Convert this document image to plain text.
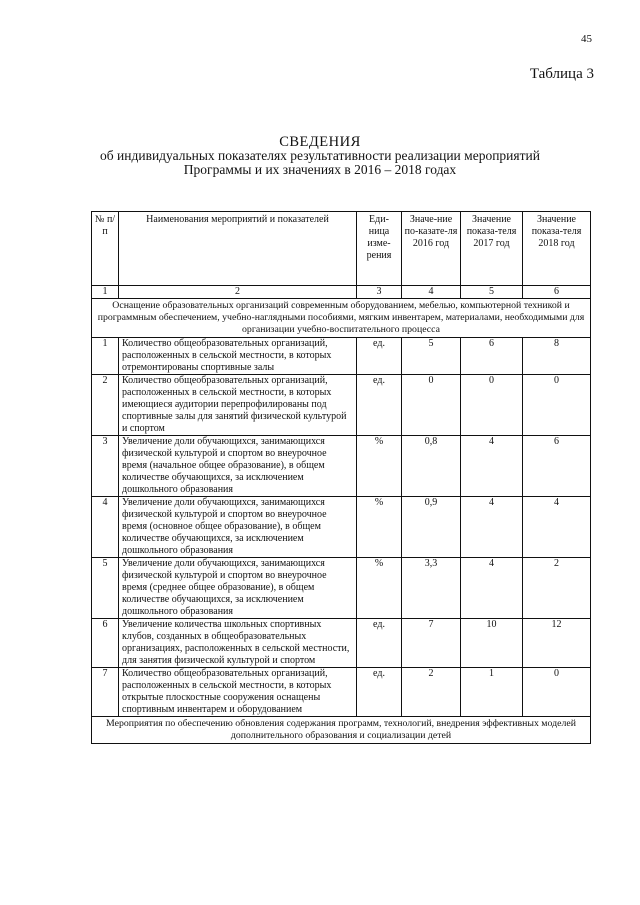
45
Таблица 3
СВЕДЕНИЯ
об индивидуальных показателях результативности реализации мероприятий
Программы и их значениях в 2016 – 2018 годах
№ п/п	Наименования мероприятий и показателей	Еди-ница изме-рения	Значе-ние по-казате-ля 2016 год	Значение показа-теля 2017 год	Значение показа-теля 2018 год
1	2	3	4	5	6
Оснащение образовательных организаций современным оборудованием, мебелью, компьютерной техникой и программным обеспечением, учебно-наглядными пособиями, мягким инвентарем, материалами, необходимыми для организации учебно-воспитательного процесса					
1	Количество общеобразовательных организаций, расположенных в сельской местности, в которых отремонтированы спортивные залы	ед.	5	6	8
2	Количество общеобразовательных организаций, расположенных в сельской местности, в которых имеющиеся аудитории перепрофилированы под спортивные залы для занятий физической культурой и спортом	ед.	0	0	0
3	Увеличение доли обучающихся, занимающихся физической культурой и спортом во внеурочное время (начальное общее образование), в общем количестве обучающихся, за исключением дошкольного образования	%	0,8	4	6
4	Увеличение доли обучающихся, занимающихся физической культурой и спортом во внеурочное время (основное общее образование), в общем количестве обучающихся, за исключением дошкольного образования	%	0,9	4	4
5	Увеличение доли обучающихся, занимающихся физической культурой и спортом во внеурочное время (среднее общее образование), в общем количестве обучающихся, за исключением дошкольного образования	%	3,3	4	2
6	Увеличение количества школьных спортивных клубов, созданных в общеобразовательных организациях, расположенных в сельской местности, для занятия физической культурой и спортом	ед.	7	10	12
7	Количество общеобразовательных организаций, расположенных в сельской местности, в которых открытые плоскостные сооружения оснащены спортивным инвентарем и оборудованием	ед.	2	1	0
Мероприятия по обеспечению обновления содержания программ, технологий, внедрения эффективных моделей дополнительного образования и социализации детей					
